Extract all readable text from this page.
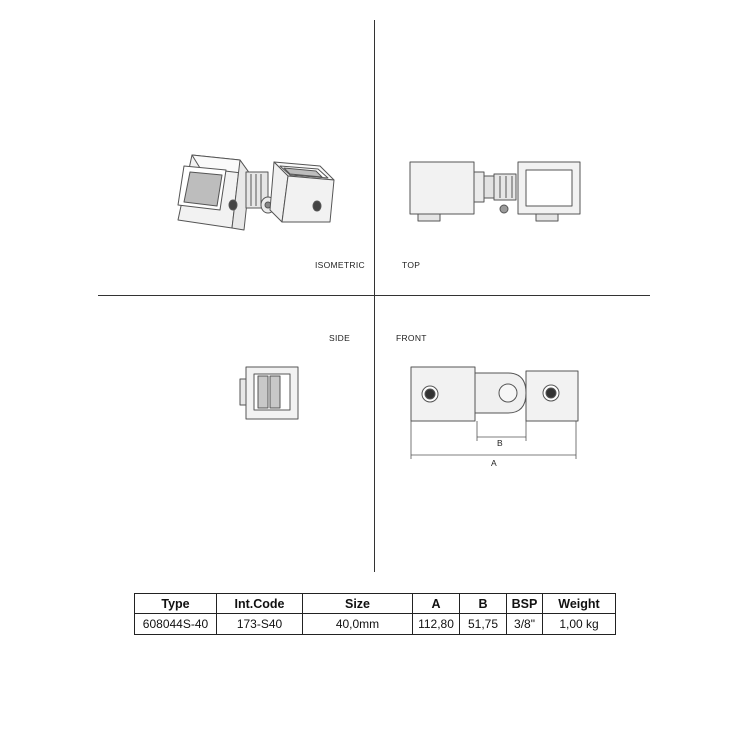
ISOMETRIC	TOP
SIDE	FRONT
B
A
Type	Int.Code	Size	A	B	BSP	Weight
608044S-40	173-S40	40,0mm	112,80	51,75	3/8"	1,00 kg
